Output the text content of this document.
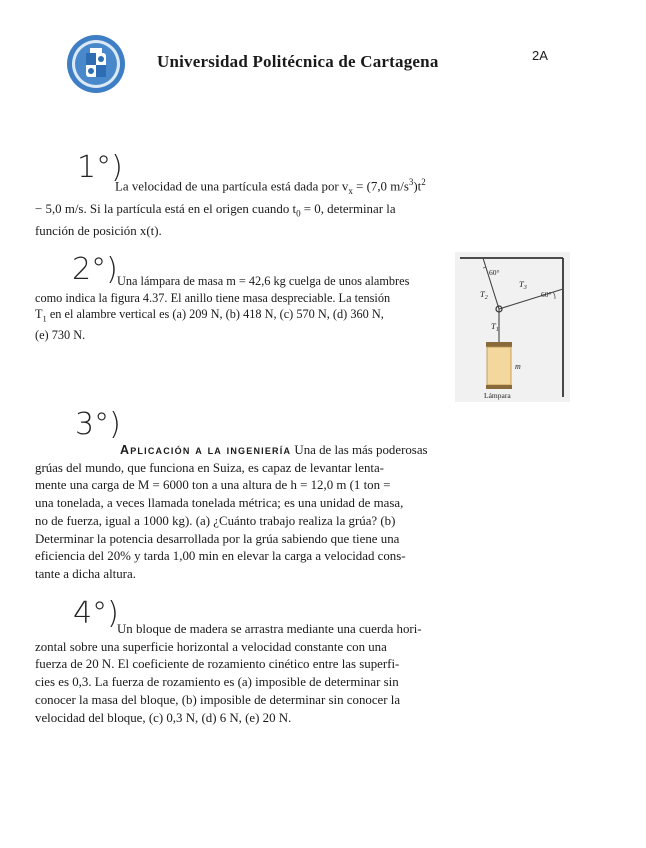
Universidad Politécnica de Cartagena	2A
1°)
La velocidad de una partícula está dada por $v_x = (7,0$ $m/s^3)t^2$
− 5,0 m/s. Si la partícula está en el origen cuando $t_0 = 0$, determinar la
función de posición x(t).
2°) Una lámpara de masa m = 42,6 kg cuelga de unos alambres
como indica la figura 4.37. El anillo tiene masa despreciable. La tensión
$T_1$ en el alambre vertical es (a) 209 N, (b) 418 N, (c) 570 N, (d) 360 N,
(e) 730 N.
60°
60°
$T_2$
$T_3$
$T_1$
m
Lámpara
3°)
Aplicación a la ingeniería Una de las más poderosas
grúas del mundo, que funciona en Suiza, es capaz de levantar lenta-
mente una carga de M = 6000 ton a una altura de h = 12,0 m (1 ton =
una tonelada, a veces llamada tonelada métrica; es una unidad de masa,
no de fuerza, igual a 1000 kg). (a) ¿Cuánto trabajo realiza la grúa? (b)
Determinar la potencia desarrollada por la grúa sabiendo que tiene una
eficiencia del 20% y tarda 1,00 min en elevar la carga a velocidad cons-
tante a dicha altura.
4°)
Un bloque de madera se arrastra mediante una cuerda hori-
zontal sobre una superficie horizontal a velocidad constante con una
fuerza de 20 N. El coeficiente de rozamiento cinético entre las superfi-
cies es 0,3. La fuerza de rozamiento es (a) imposible de determinar sin
conocer la masa del bloque, (b) imposible de determinar sin conocer la
velocidad del bloque, (c) 0,3 N, (d) 6 N, (e) 20 N.
